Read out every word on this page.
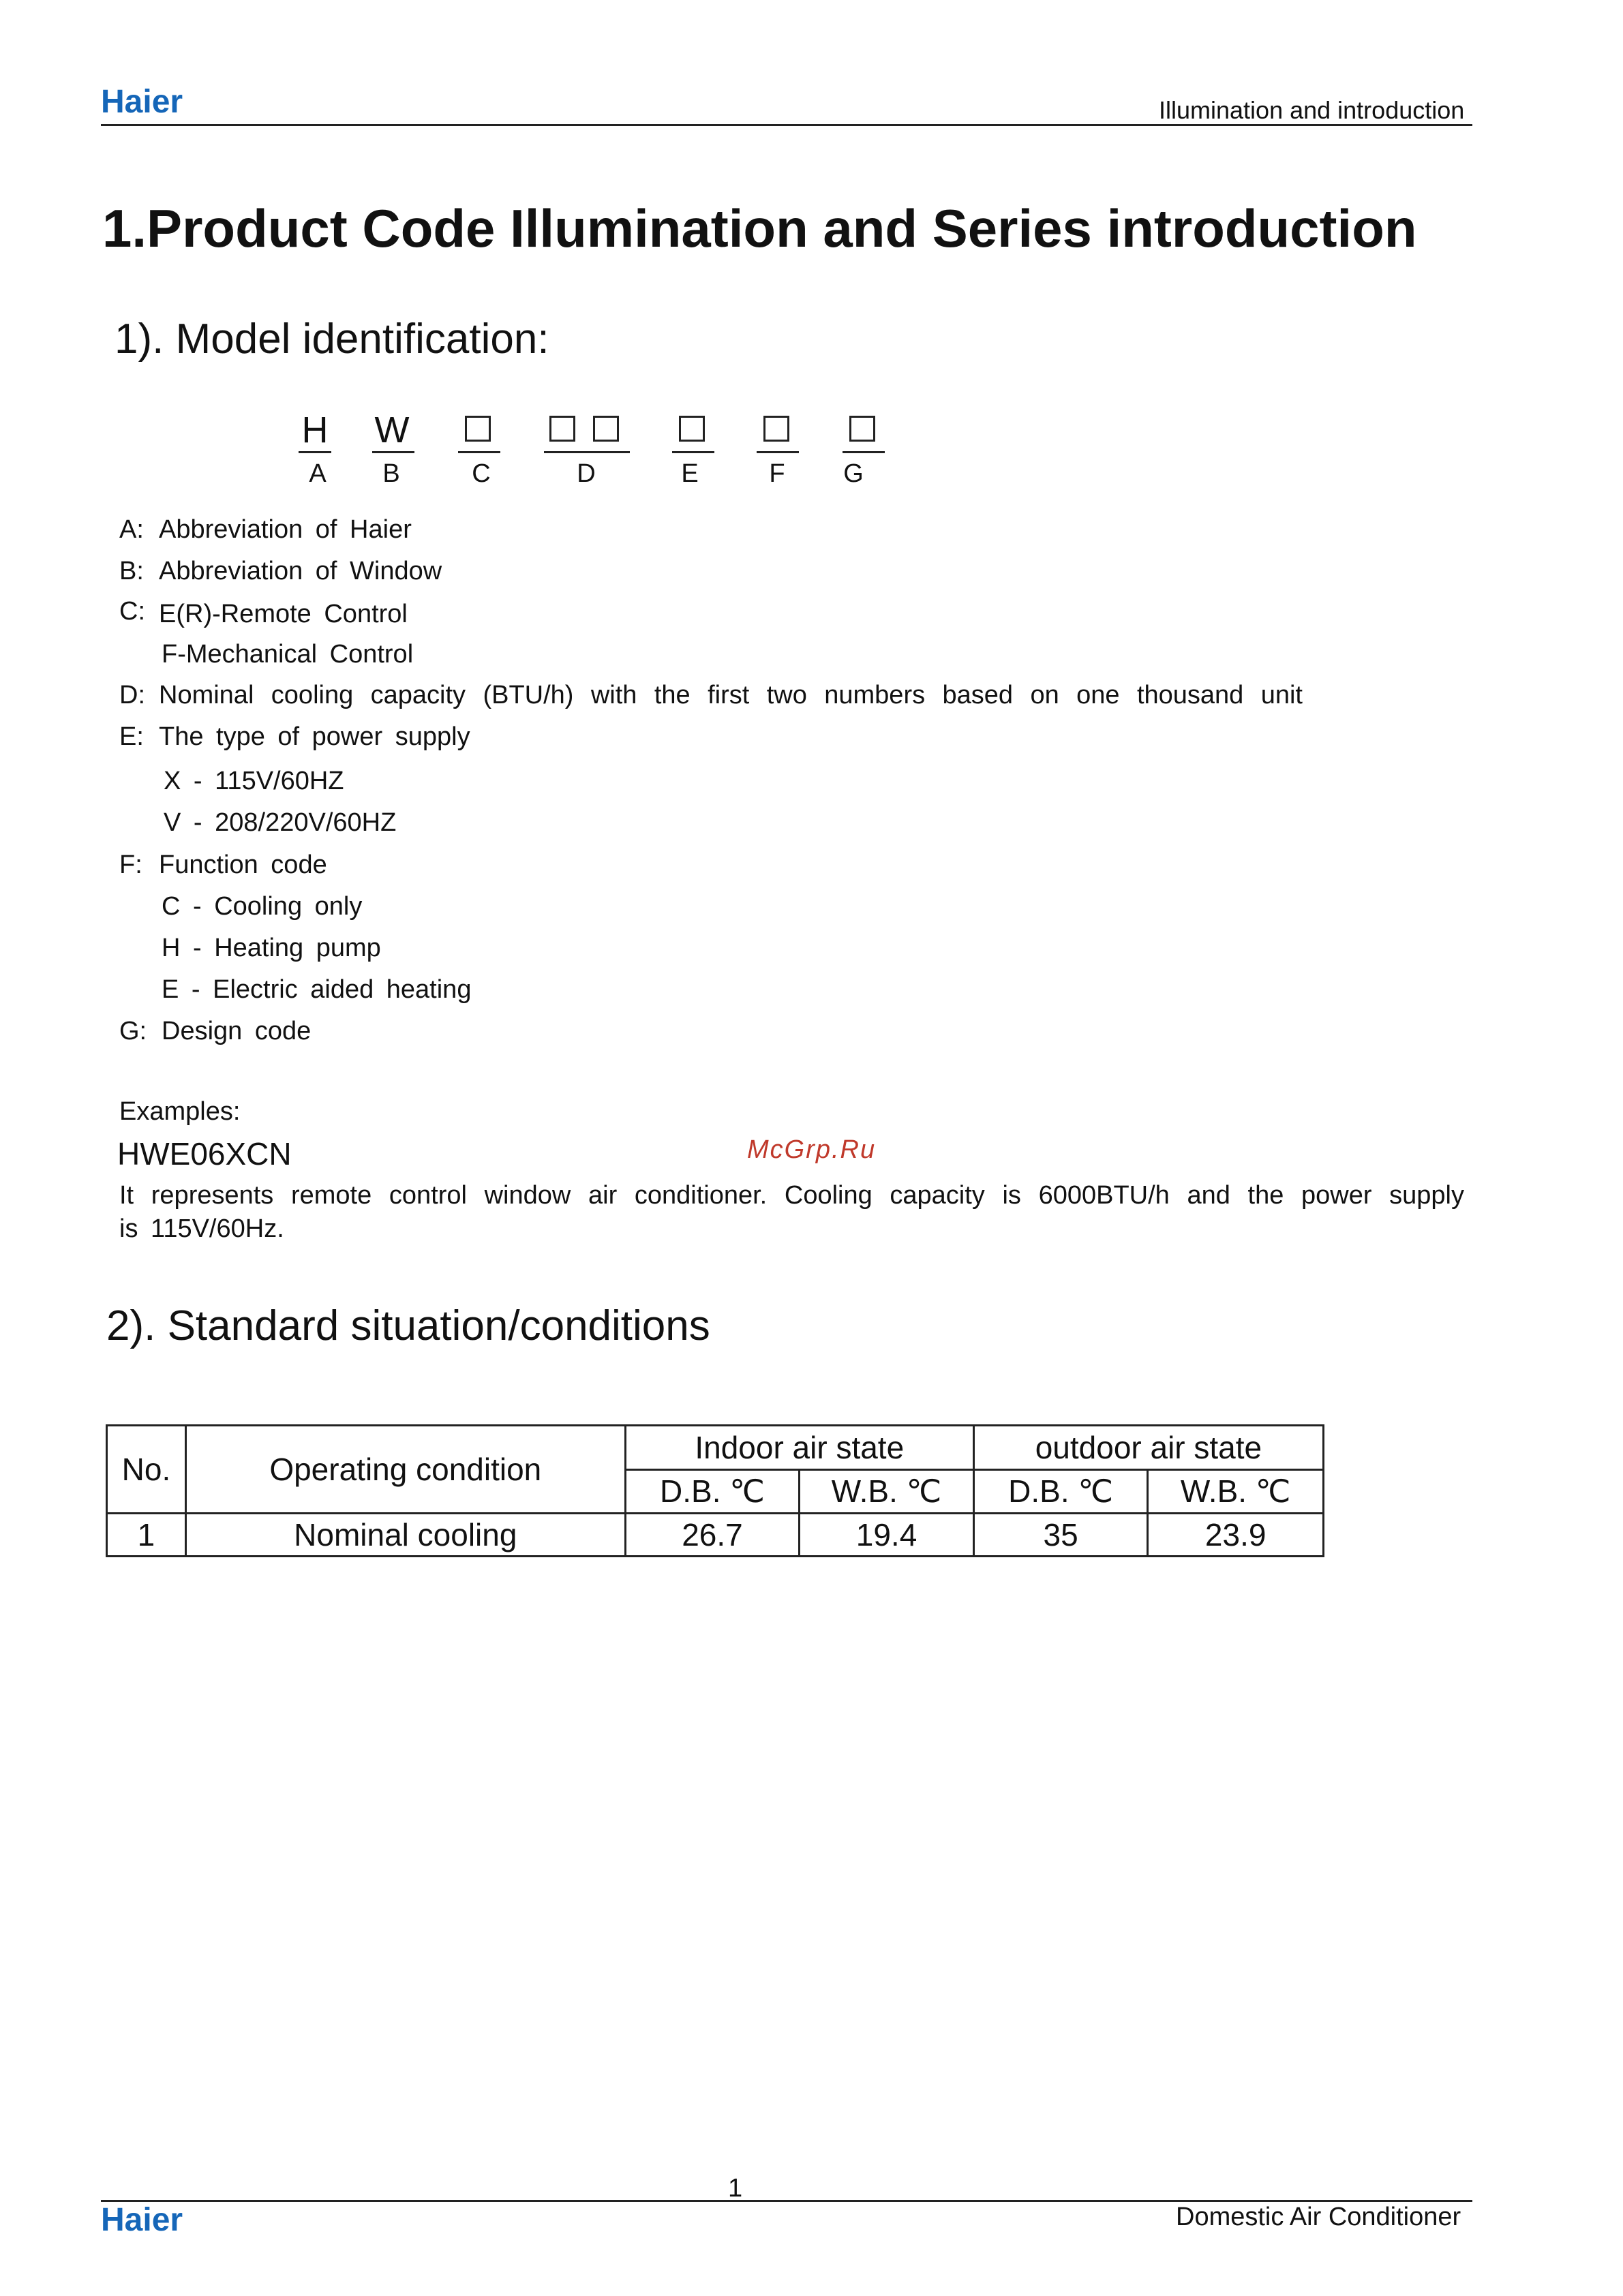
Haier	Illumination and introduction
1.Product Code Illumination and Series introduction
1). Model identification:
H W
A B	C	D	E	F G
A: Abbreviation of Haier
B: Abbreviation of Window
C: E(R)-Remote Control
F-Mechanical Control
D: Nominal cooling capacity (BTU/h) with the first two numbers based on one thousand unit
E: The type of power supply
X - 115V/60HZ
V - 208/220V/60HZ
F: Function code
C - Cooling only
H - Heating pump
E - Electric aided heating
G: Design code
Examples:
HWE06XCN	McGrp.Ru
It represents remote control window air conditioner. Cooling capacity is 6000BTU/h and the power supply
is 115V/60Hz.
2). Standard situation/conditions
No.	Operating condition	Indoor air state		outdoor air state	
		D.B. ℃	W.B. ℃	D.B. ℃	W.B. ℃
1	Nominal cooling	26.7	19.4	35	23.9
1
Haier	Domestic Air Conditioner
